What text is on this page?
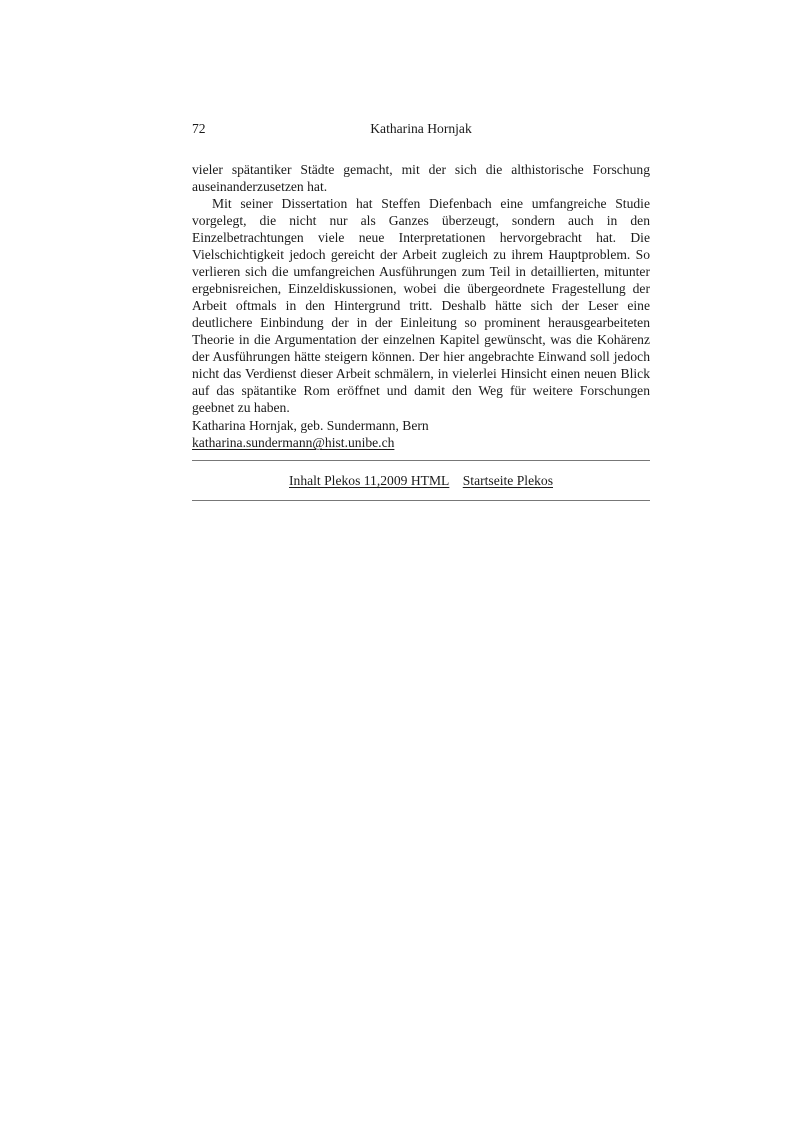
72	Katharina Hornjak

vieler spätantiker Städte gemacht, mit der sich die althistorische Forschung auseinanderzusetzen hat.

Mit seiner Dissertation hat Steffen Diefenbach eine umfangreiche Studie vorgelegt, die nicht nur als Ganzes überzeugt, sondern auch in den Einzelbetrachtungen viele neue Interpretationen hervorgebracht hat. Die Vielschichtigkeit jedoch gereicht der Arbeit zugleich zu ihrem Hauptproblem. So verlieren sich die umfangreichen Ausführungen zum Teil in detaillierten, mitunter ergebnisreichen, Einzeldiskussionen, wobei die übergeordnete Fragestellung der Arbeit oftmals in den Hintergrund tritt. Deshalb hätte sich der Leser eine deutlichere Einbindung der in der Einleitung so prominent herausgearbeiteten Theorie in die Argumentation der einzelnen Kapitel gewünscht, was die Kohärenz der Ausführungen hätte steigern können. Der hier angebrachte Einwand soll jedoch nicht das Verdienst dieser Arbeit schmälern, in vielerlei Hinsicht einen neuen Blick auf das spätantike Rom eröffnet und damit den Weg für weitere Forschungen geebnet zu haben.

Katharina Hornjak, geb. Sundermann, Bern
katharina.sundermann@hist.unibe.ch
Inhalt Plekos 11,2009 HTML Startseite Plekos
